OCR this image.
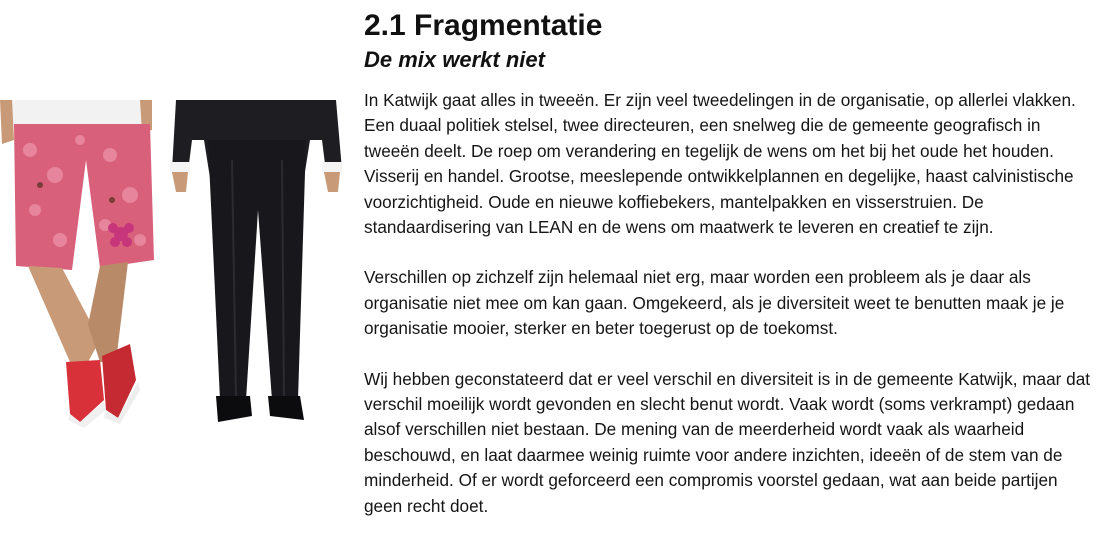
2.1 Fragmentatie
De mix werkt niet

In Katwijk gaat alles in tweeën. Er zijn veel tweedelingen in de organisatie, op allerlei vlakken. Een duaal politiek stelsel, twee directeuren, een snelweg die de gemeente geografisch in tweeën deelt. De roep om verandering en tegelijk de wens om het bij het oude het houden. Visserij en handel. Grootse, meeslepende ontwikkelplannen en degelijke, haast calvinistische voorzichtigheid. Oude en nieuwe koffiebekers, mantelpakken en visserstruien. De standaardisering van LEAN en de wens om maatwerk te leveren en creatief te zijn.

Verschillen op zichzelf zijn helemaal niet erg, maar worden een probleem als je daar als organisatie niet mee om kan gaan. Omgekeerd, als je diversiteit weet te benutten maak je je organisatie mooier, sterker en beter toegerust op de toekomst.

Wij hebben geconstateerd dat er veel verschil en diversiteit is in de gemeente Katwijk, maar dat verschil moeilijk wordt gevonden en slecht benut wordt. Vaak wordt (soms verkrampt) gedaan alsof verschillen niet bestaan. De mening van de meerderheid wordt vaak als waarheid beschouwd, en laat daarmee weinig ruimte voor andere inzichten, ideeën of de stem van de minderheid. Of er wordt geforceerd een compromis voorstel gedaan, wat aan beide partijen geen recht doet.
